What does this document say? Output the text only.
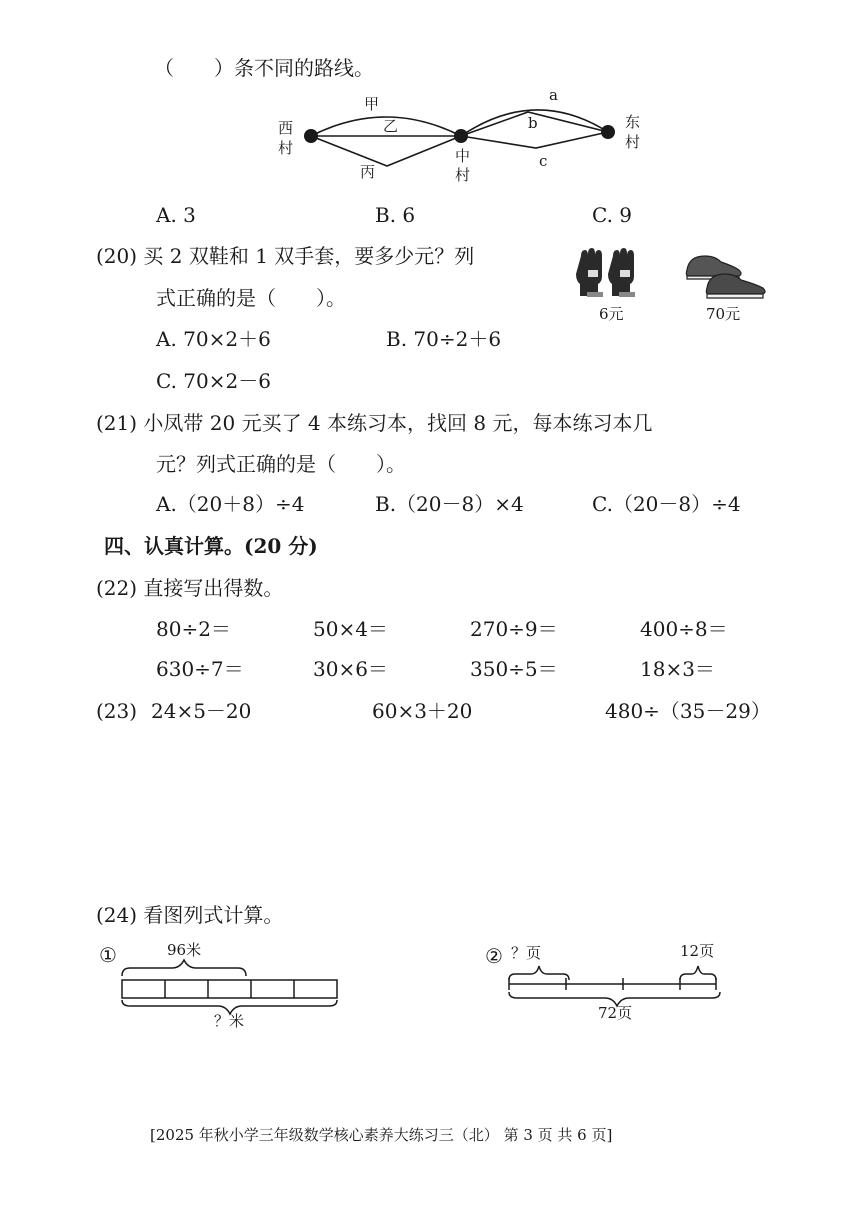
（　　）条不同的路线。
西村	中村
东村
甲
乙
丙
a
b
c
A. 3	B. 6	C. 9
(20) 买 2 双鞋和 1 双手套，要多少元？列
式正确的是（　　）。
A. 70×2＋6	B. 70÷2＋6
C. 70×2－6
6元	70元
(21) 小凤带 20 元买了 4 本练习本，找回 8 元，每本练习本几
元？列式正确的是（　　）。
A.（20＋8）÷4	B.（20－8）×4	C.（20－8）÷4
四、认真计算。(20 分)
(22) 直接写出得数。
80÷2＝	50×4＝	270÷9＝	400÷8＝
630÷7＝	30×6＝	350÷5＝	18×3＝
(23) 24×5－20	60×3＋20	480÷（35－29）
(24) 看图列式计算。
①	96米
？米
② ？页	12页
72页
[2025 年秋小学三年级数学核心素养大练习三（北） 第 3 页 共 6 页]
